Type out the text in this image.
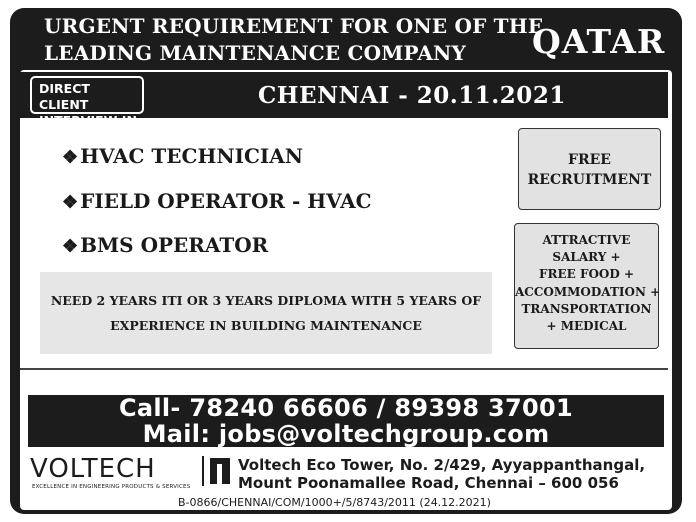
URGENT REQUIREMENT FOR ONE OF THE
LEADING MAINTENANCE COMPANY QATAR
DIRECT CLIENT
INTERVIEW IN
CHENNAI - 20.11.2021
❖ HVAC TECHNICIAN
❖ FIELD OPERATOR - HVAC
❖ BMS OPERATOR
NEED 2 YEARS ITI OR 3 YEARS DIPLOMA WITH 5 YEARS OF
EXPERIENCE IN BUILDING MAINTENANCE
FREE
RECRUITMENT
ATTRACTIVE
SALARY +
FREE FOOD +
ACCOMMODATION +
TRANSPORTATION
+ MEDICAL
Call- 78240 66606 / 89398 37001
Mail: jobs@voltechgroup.com
VOLTECH
EXCELLENCE IN ENGINEERING PRODUCTS & SERVICES
Voltech Eco Tower, No. 2/429, Ayyappanthangal,
Mount Poonamallee Road, Chennai – 600 056
B-0866/CHENNAI/COM/1000+/5/8743/2011 (24.12.2021)
